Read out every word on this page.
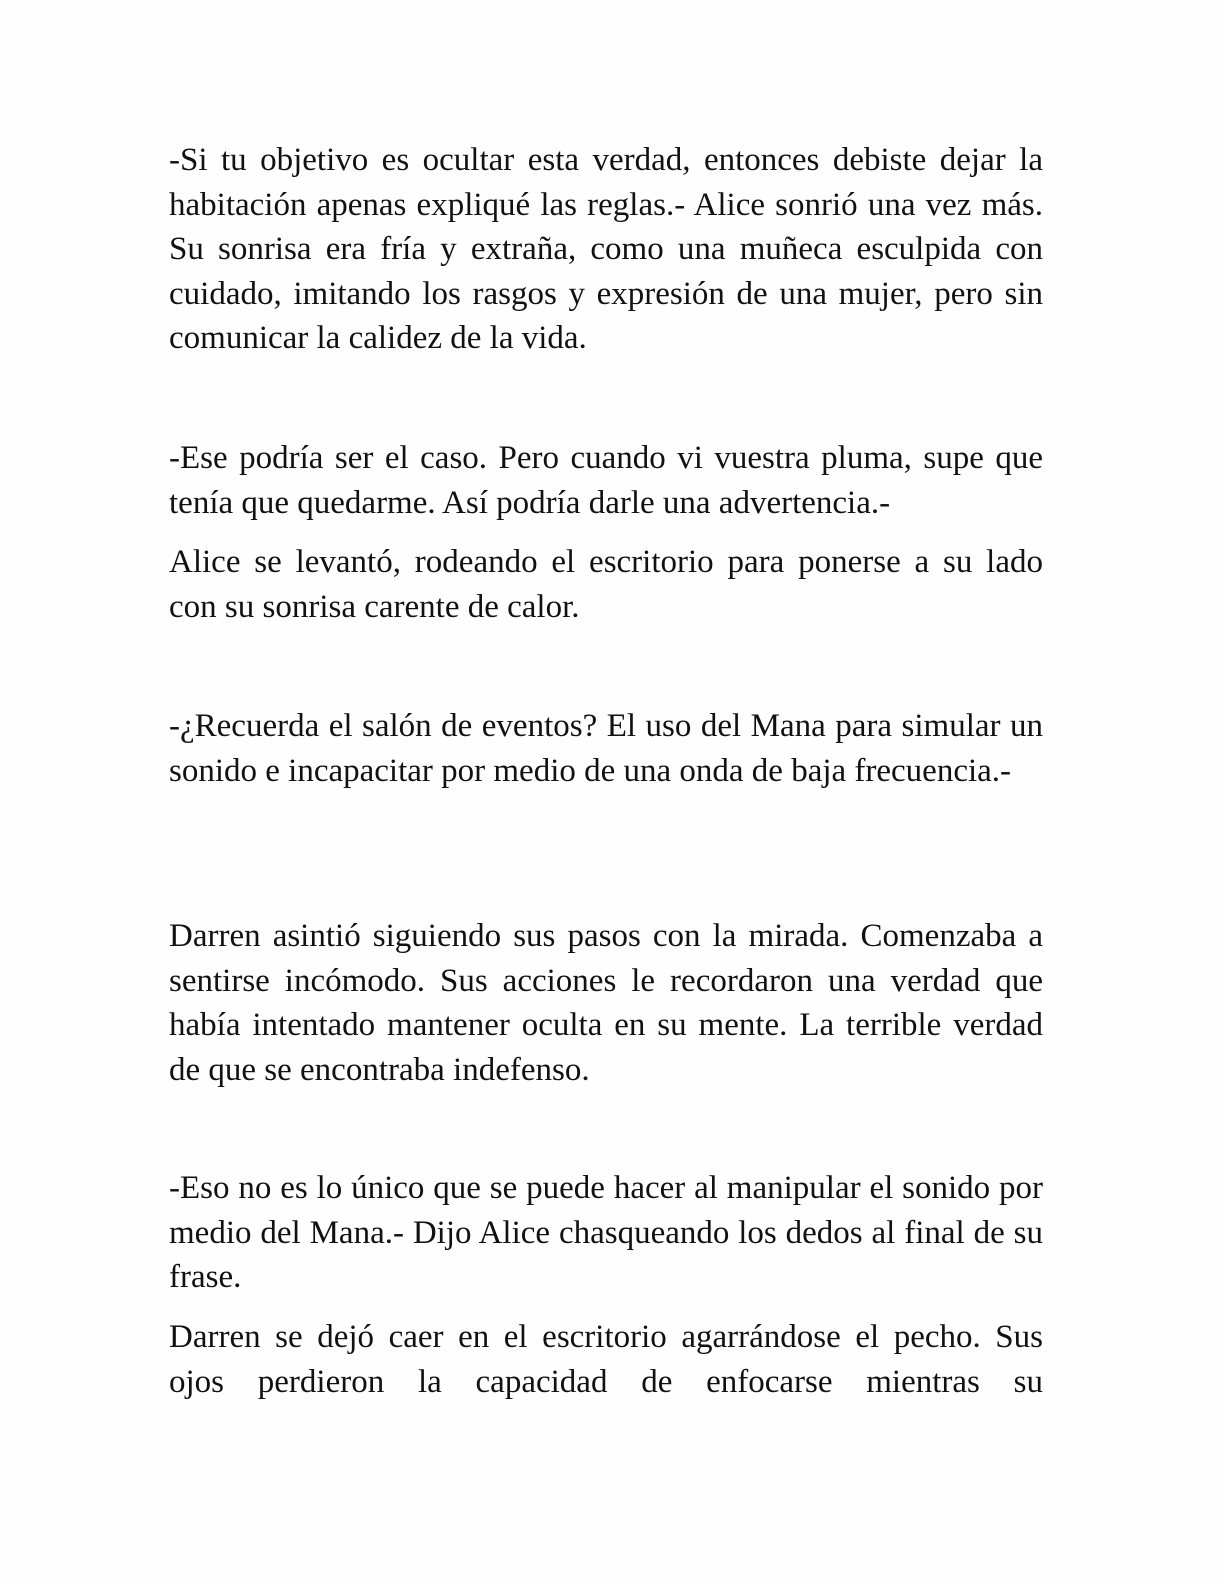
-Si tu objetivo es ocultar esta verdad, entonces debiste dejar la habitación apenas expliqué las reglas.- Alice sonrió una vez más. Su sonrisa era fría y extraña, como una muñeca esculpida con cuidado, imitando los rasgos y expresión de una mujer, pero sin comunicar la calidez de la vida.

-Ese podría ser el caso. Pero cuando vi vuestra pluma, supe que tenía que quedarme. Así podría darle una advertencia.-

Alice se levantó, rodeando el escritorio para ponerse a su lado con su sonrisa carente de calor.

-¿Recuerda el salón de eventos? El uso del Mana para simular un sonido e incapacitar por medio de una onda de baja frecuencia.-

Darren asintió siguiendo sus pasos con la mirada. Comenzaba a sentirse incómodo. Sus acciones le recordaron una verdad que había intentado mantener oculta en su mente. La terrible verdad de que se encontraba indefenso.

-Eso no es lo único que se puede hacer al manipular el sonido por medio del Mana.- Dijo Alice chasqueando los dedos al final de su frase.

Darren se dejó caer en el escritorio agarrándose el pecho. Sus ojos perdieron la capacidad de enfocarse mientras su
